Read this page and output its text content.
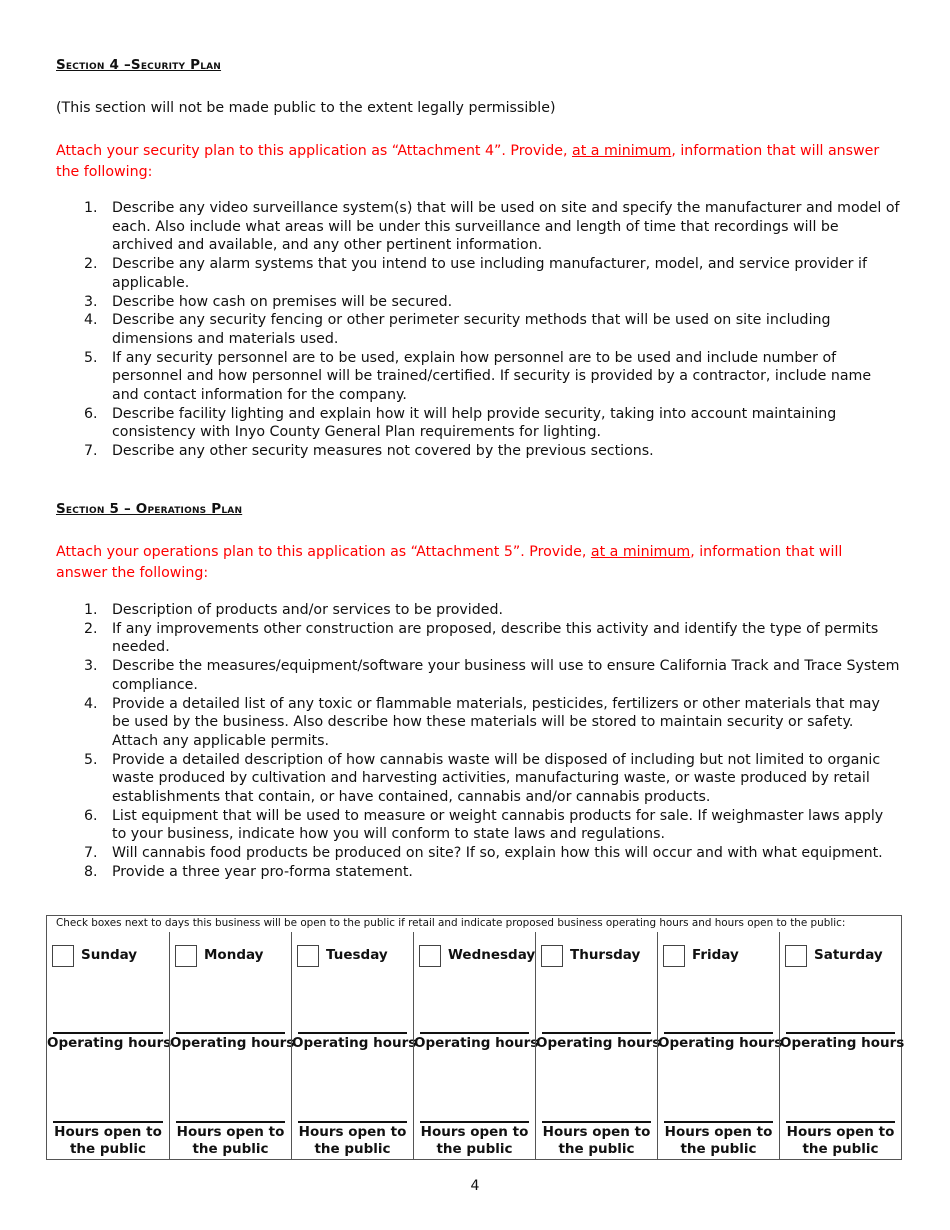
Section 4 –Security Plan
(This section will not be made public to the extent legally permissible)
Attach your security plan to this application as “Attachment 4”. Provide, at a minimum, information that will answer the following:
1. Describe any video surveillance system(s) that will be used on site and specify the manufacturer and model of each. Also include what areas will be under this surveillance and length of time that recordings will be archived and available, and any other pertinent information.
2. Describe any alarm systems that you intend to use including manufacturer, model, and service provider if applicable.
3. Describe how cash on premises will be secured.
4. Describe any security fencing or other perimeter security methods that will be used on site including dimensions and materials used.
5. If any security personnel are to be used, explain how personnel are to be used and include number of personnel and how personnel will be trained/certified. If security is provided by a contractor, include name and contact information for the company.
6. Describe facility lighting and explain how it will help provide security, taking into account maintaining consistency with Inyo County General Plan requirements for lighting.
7. Describe any other security measures not covered by the previous sections.
Section 5 – Operations Plan
Attach your operations plan to this application as “Attachment 5”. Provide, at a minimum, information that will answer the following:
1. Description of products and/or services to be provided.
2. If any improvements other construction are proposed, describe this activity and identify the type of permits needed.
3. Describe the measures/equipment/software your business will use to ensure California Track and Trace System compliance.
4. Provide a detailed list of any toxic or flammable materials, pesticides, fertilizers or other materials that may be used by the business. Also describe how these materials will be stored to maintain security or safety. Attach any applicable permits.
5. Provide a detailed description of how cannabis waste will be disposed of including but not limited to organic waste produced by cultivation and harvesting activities, manufacturing waste, or waste produced by retail establishments that contain, or have contained, cannabis and/or cannabis products.
6. List equipment that will be used to measure or weight cannabis products for sale. If weighmaster laws apply to your business, indicate how you will conform to state laws and regulations.
7. Will cannabis food products be produced on site? If so, explain how this will occur and with what equipment.
8. Provide a three year pro-forma statement.
Check boxes next to days this business will be open to the public if retail and indicate proposed business operating hours and hours open to the public:
Sunday
Operating hours
Hours open to the public
Monday
Operating hours
Hours open to the public
Tuesday
Operating hours
Hours open to the public
Wednesday
Operating hours
Hours open to the public
Thursday
Operating hours
Hours open to the public
Friday
Operating hours
Hours open to the public
Saturday
Operating hours
Hours open to the public
4
